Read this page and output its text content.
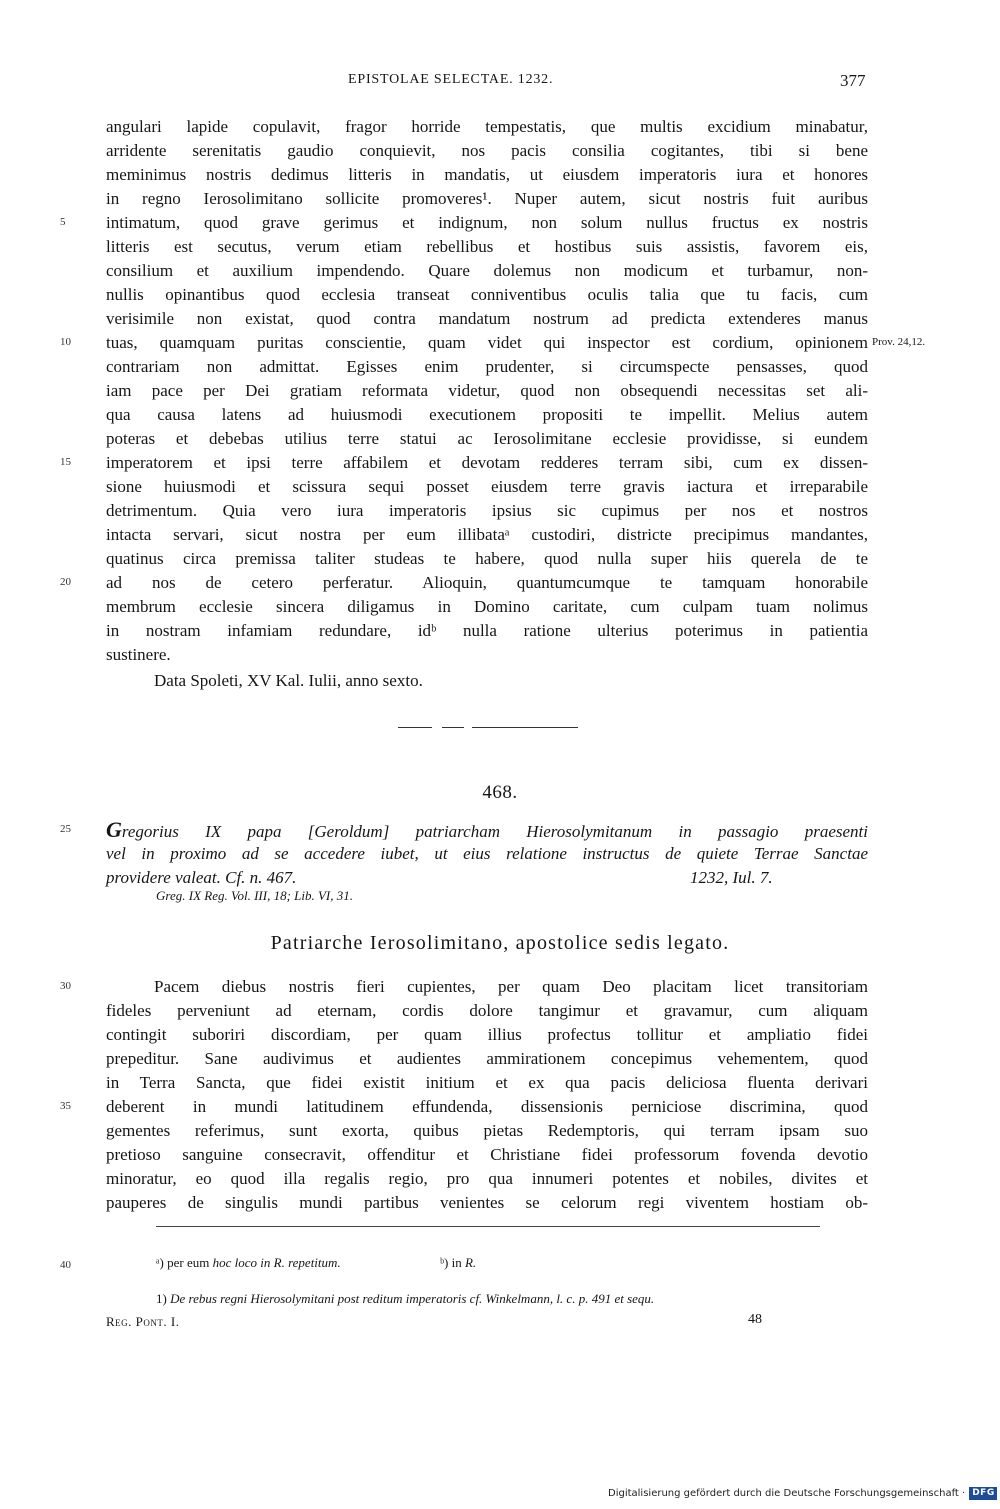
EPISTOLAE SELECTAE. 1232.	377
angulari lapide copulavit, fragor horride tempestatis, que multis excidium minabatur,
arridente serenitatis gaudio conquievit, nos pacis consilia cogitantes, tibi si bene
meminimus nostris dedimus litteris in mandatis, ut eiusdem imperatoris iura et honores
in regno Ierosolimitano sollicite promoveres¹. Nuper autem, sicut nostris fuit auribus
intimatum, quod grave gerimus et indignum, non solum nullus fructus ex nostris
litteris est secutus, verum etiam rebellibus et hostibus suis assistis, favorem eis,
consilium et auxilium impendendo. Quare dolemus non modicum et turbamur, non-
nullis opinantibus quod ecclesia transeat conniventibus oculis talia que tu facis, cum
verisimile non existat, quod contra mandatum nostrum ad predicta extenderes manus
tuas, quamquam puritas conscientie, quam videt qui inspector est cordium, opinionem
contrariam non admittat. Egisses enim prudenter, si circumspecte pensasses, quod
iam pace per Dei gratiam reformata videtur, quod non obsequendi necessitas set ali-
qua causa latens ad huiusmodi executionem propositi te impellit. Melius autem
poteras et debebas utilius terre statui ac Ierosolimitane ecclesie providisse, si eundem
imperatorem et ipsi terre affabilem et devotam redderes terram sibi, cum ex dissen-
sione huiusmodi et scissura sequi posset eiusdem terre gravis iactura et irreparabile
detrimentum. Quia vero iura imperatoris ipsius sic cupimus per nos et nostros
intacta servari, sicut nostra per eum illibataᵃ custodiri, districte precipimus mandantes,
quatinus circa premissa taliter studeas te habere, quod nulla super hiis querela de te
ad nos de cetero perferatur. Alioquin, quantumcumque te tamquam honorabile
membrum ecclesie sincera diligamus in Domino caritate, cum culpam tuam nolimus
in nostram infamiam redundare, idᵇ nulla ratione ulterius poterimus in patientia
sustinere.
Data Spoleti, XV Kal. Iulii, anno sexto.
Prov. 24,12.
5
10
15
20
25
30
35
40
468.
Gregorius IX papa [Geroldum] patriarcham Hierosolymitanum in passagio praesenti
vel in proximo ad se accedere iubet, ut eius relatione instructus de quiete Terrae Sanctae
providere valeat. Cf. n. 467.	1232, Iul. 7.
Greg. IX Reg. Vol. III, 18; Lib. VI, 31.
Patriarche Ierosolimitano, apostolice sedis legato.
Pacem diebus nostris fieri cupientes, per quam Deo placitam licet transitoriam
fideles perveniunt ad eternam, cordis dolore tangimur et gravamur, cum aliquam
contingit suboriri discordiam, per quam illius profectus tollitur et ampliatio fidei
prepeditur. Sane audivimus et audientes ammirationem concepimus vehementem, quod
in Terra Sancta, que fidei existit initium et ex qua pacis deliciosa fluenta derivari
deberent in mundi latitudinem effundenda, dissensionis perniciose discrimina, quod
gementes referimus, sunt exorta, quibus pietas Redemptoris, qui terram ipsam suo
pretioso sanguine consecravit, offenditur et Christiane fidei professorum fovenda devotio
minoratur, eo quod illa regalis regio, pro qua innumeri potentes et nobiles, divites et
pauperes de singulis mundi partibus venientes se celorum regi viventem hostiam ob-
ᵃ) per eum hoc loco in R. repetitum.	ᵇ) in R.
1) De rebus regni Hierosolymitani post reditum imperatoris cf. Winkelmann, l. c. p. 491 et sequ.
Reg. Pont. I.	48
Digitalisierung gefördert durch die Deutsche Forschungsgemeinschaft · DFG
